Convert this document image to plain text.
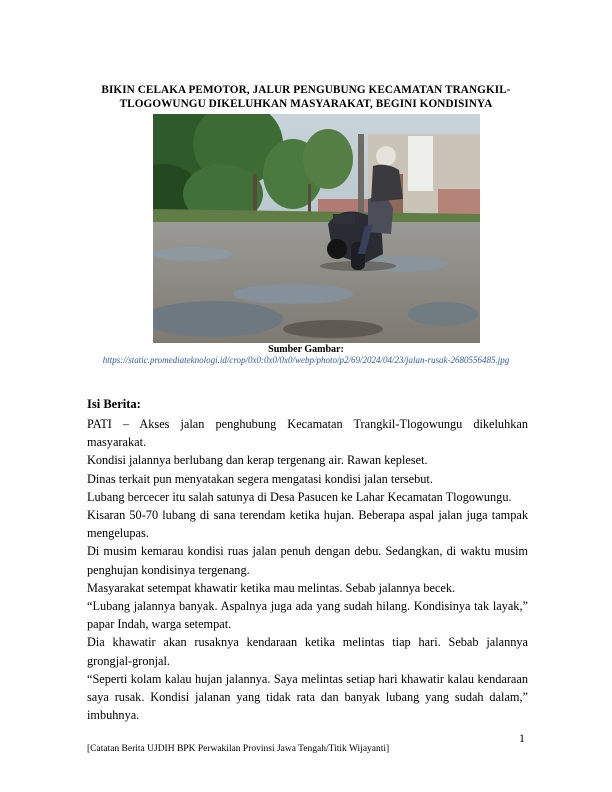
BIKIN CELAKA PEMOTOR, JALUR PENGUBUNG KECAMATAN TRANGKIL-
TLOGOWUNGU DIKELUHKAN MASYARAKAT, BEGINI KONDISINYA
Sumber Gambar:
https://static.promediateknologi.id/crop/0x0:0x0/0x0/webp/photo/p2/69/2024/04/23/jalan-rusak-2680556485.jpg
Isi Berita:

PATI – Akses jalan penghubung Kecamatan Trangkil-Tlogowungu dikeluhkan masyarakat.

Kondisi jalannya berlubang dan kerap tergenang air. Rawan kepleset.

Dinas terkait pun menyatakan segera mengatasi kondisi jalan tersebut.

Lubang bercecer itu salah satunya di Desa Pasucen ke Lahar Kecamatan Tlogowungu.

Kisaran 50-70 lubang di sana terendam ketika hujan. Beberapa aspal jalan juga tampak mengelupas.

Di musim kemarau kondisi ruas jalan penuh dengan debu. Sedangkan, di waktu musim penghujan kondisinya tergenang.

Masyarakat setempat khawatir ketika mau melintas. Sebab jalannya becek.

“Lubang jalannya banyak. Aspalnya juga ada yang sudah hilang. Kondisinya tak layak,” papar Indah, warga setempat.

Dia khawatir akan rusaknya kendaraan ketika melintas tiap hari. Sebab jalannya grongjal-gronjal.

“Seperti kolam kalau hujan jalannya. Saya melintas setiap hari khawatir kalau kendaraan saya rusak. Kondisi jalanan yang tidak rata dan banyak lubang yang sudah dalam,” imbuhnya.

1
[Catatan Berita UJDIH BPK Perwakilan Provinsi Jawa Tengah/Titik Wijayanti]
